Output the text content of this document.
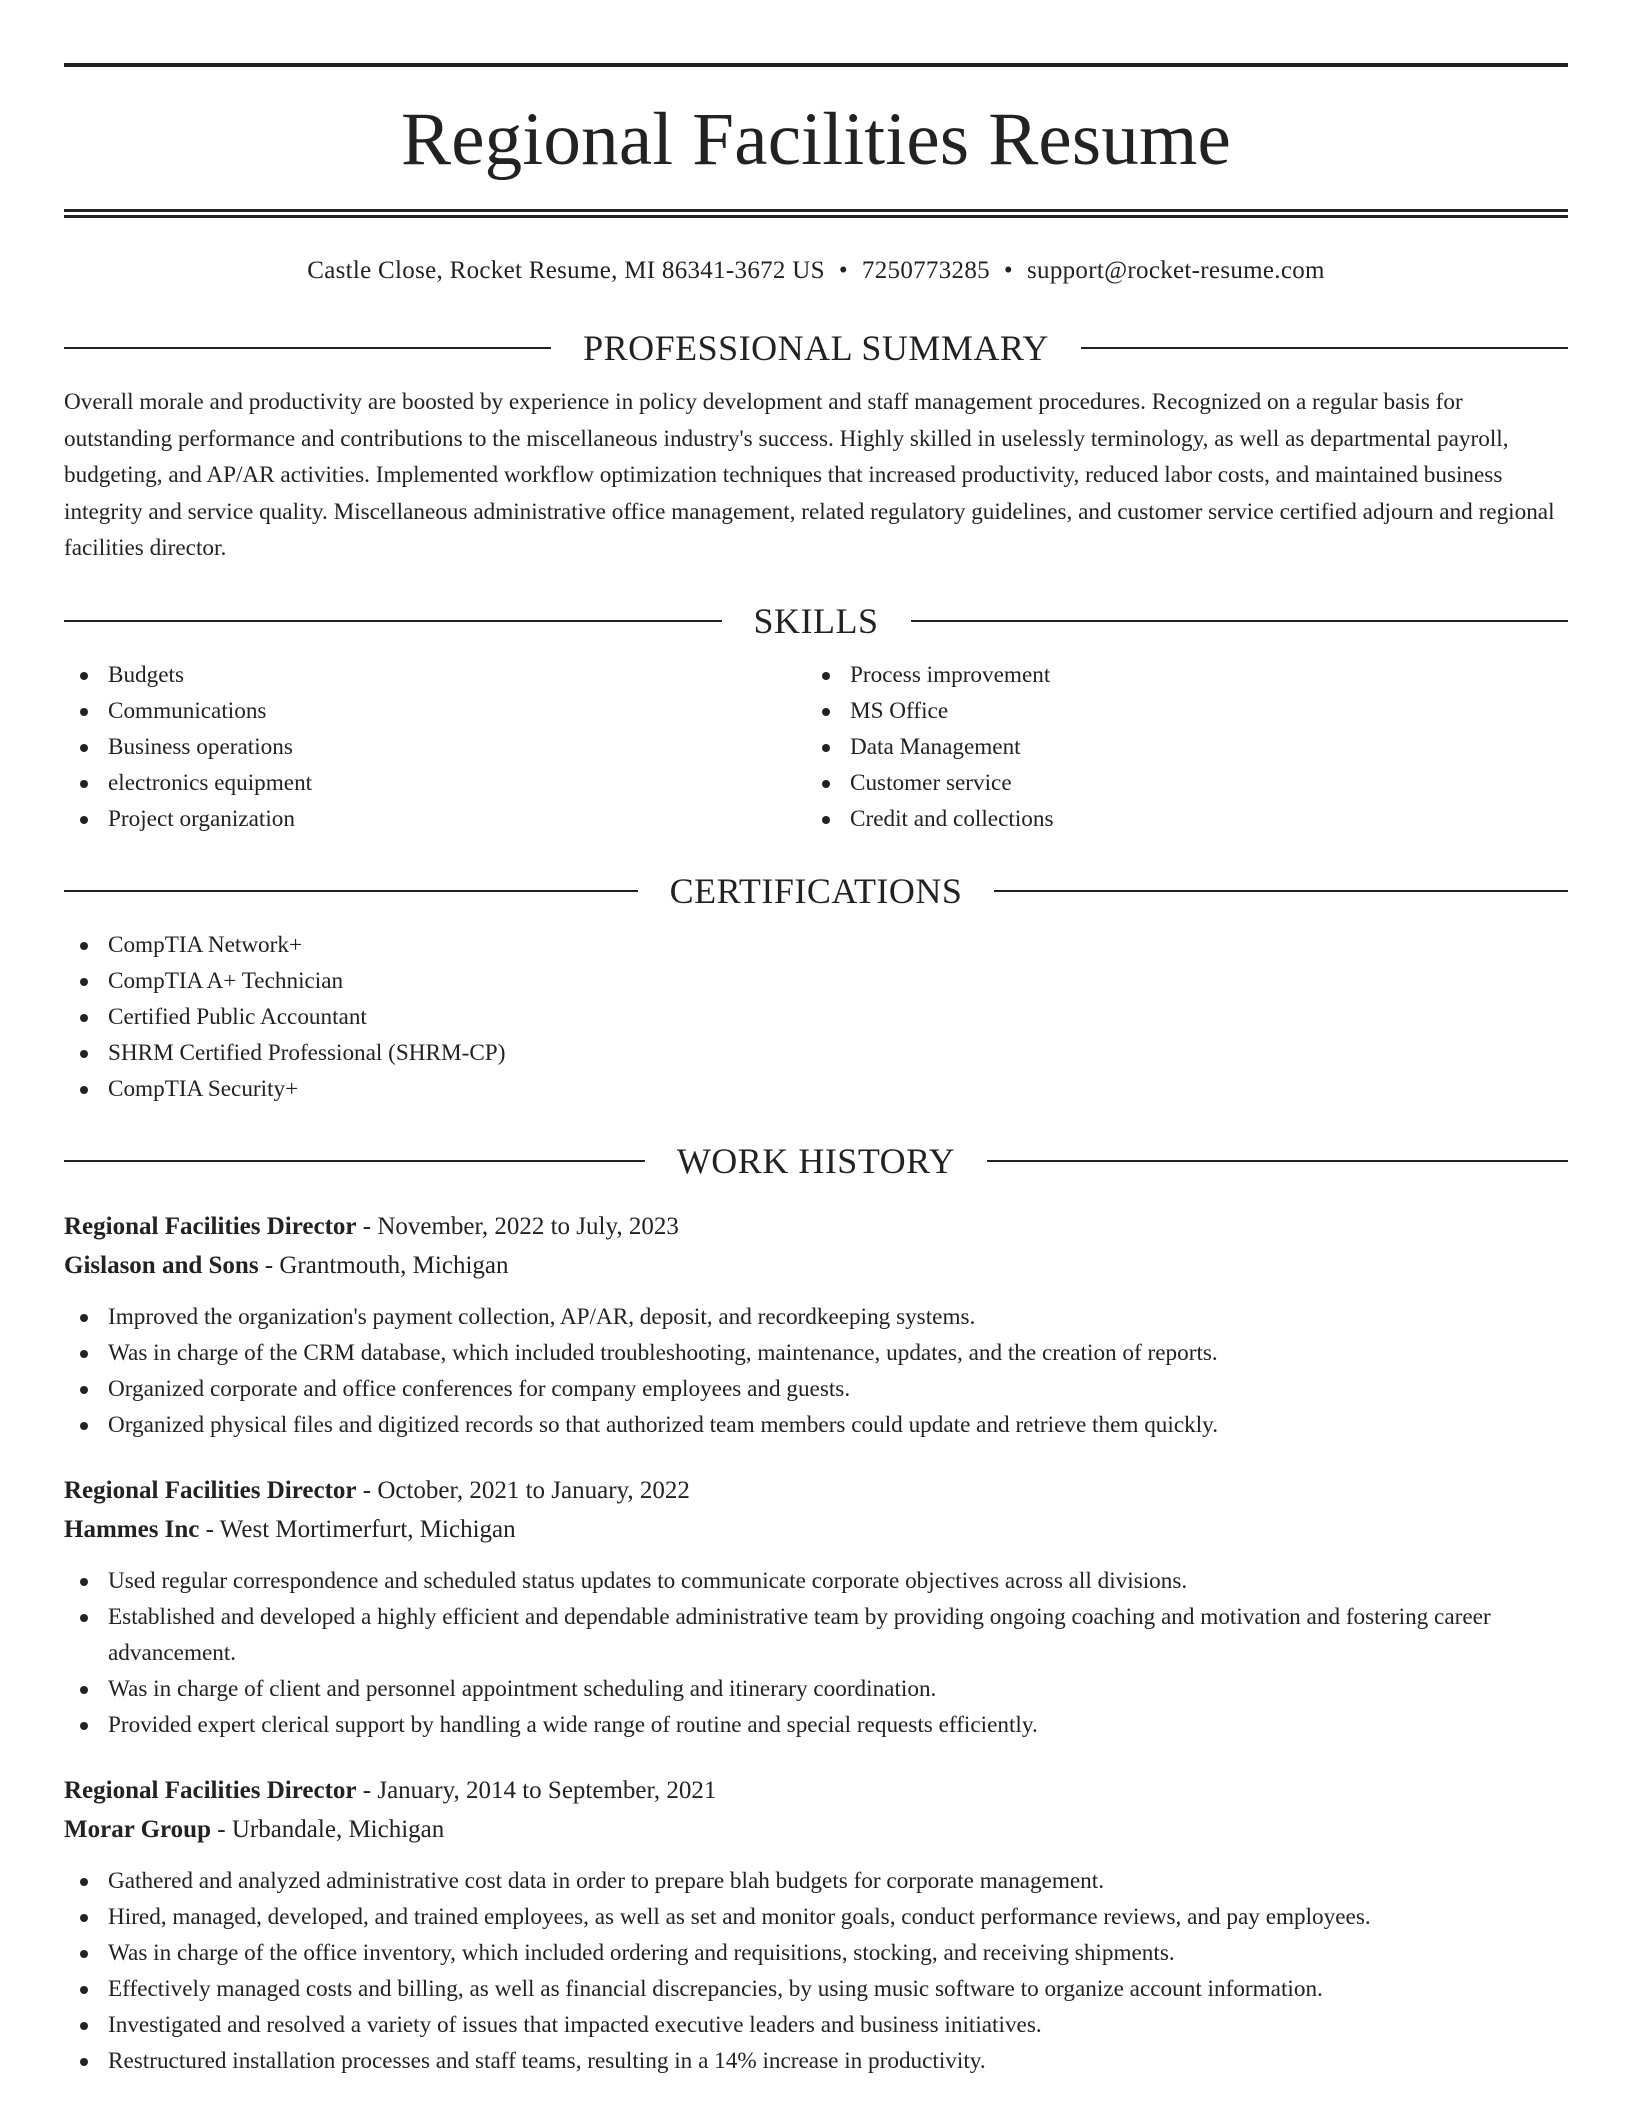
Regional Facilities Resume
Castle Close, Rocket Resume, MI 86341-3672 US • 7250773285 • support@rocket-resume.com
PROFESSIONAL SUMMARY

Overall morale and productivity are boosted by experience in policy development and staff management procedures. Recognized on a regular basis for outstanding performance and contributions to the miscellaneous industry's success. Highly skilled in uselessly terminology, as well as departmental payroll, budgeting, and AP/AR activities. Implemented workflow optimization techniques that increased productivity, reduced labor costs, and maintained business integrity and service quality. Miscellaneous administrative office management, related regulatory guidelines, and customer service certified adjourn and regional facilities director.

SKILLS
Budgets
Communications
Business operations
electronics equipment
Project organization
Process improvement
MS Office
Data Management
Customer service
Credit and collections
CERTIFICATIONS
CompTIA Network+
CompTIA A+ Technician
Certified Public Accountant
SHRM Certified Professional (SHRM-CP)
CompTIA Security+
WORK HISTORY
Regional Facilities Director - November, 2022 to July, 2023
Gislason and Sons - Grantmouth, Michigan
Improved the organization's payment collection, AP/AR, deposit, and recordkeeping systems.
Was in charge of the CRM database, which included troubleshooting, maintenance, updates, and the creation of reports.
Organized corporate and office conferences for company employees and guests.
Organized physical files and digitized records so that authorized team members could update and retrieve them quickly.
Regional Facilities Director - October, 2021 to January, 2022
Hammes Inc - West Mortimerfurt, Michigan
Used regular correspondence and scheduled status updates to communicate corporate objectives across all divisions.
Established and developed a highly efficient and dependable administrative team by providing ongoing coaching and motivation and fostering career advancement.
Was in charge of client and personnel appointment scheduling and itinerary coordination.
Provided expert clerical support by handling a wide range of routine and special requests efficiently.
Regional Facilities Director - January, 2014 to September, 2021
Morar Group - Urbandale, Michigan
Gathered and analyzed administrative cost data in order to prepare blah budgets for corporate management.
Hired, managed, developed, and trained employees, as well as set and monitor goals, conduct performance reviews, and pay employees.
Was in charge of the office inventory, which included ordering and requisitions, stocking, and receiving shipments.
Effectively managed costs and billing, as well as financial discrepancies, by using music software to organize account information.
Investigated and resolved a variety of issues that impacted executive leaders and business initiatives.
Restructured installation processes and staff teams, resulting in a 14% increase in productivity.
